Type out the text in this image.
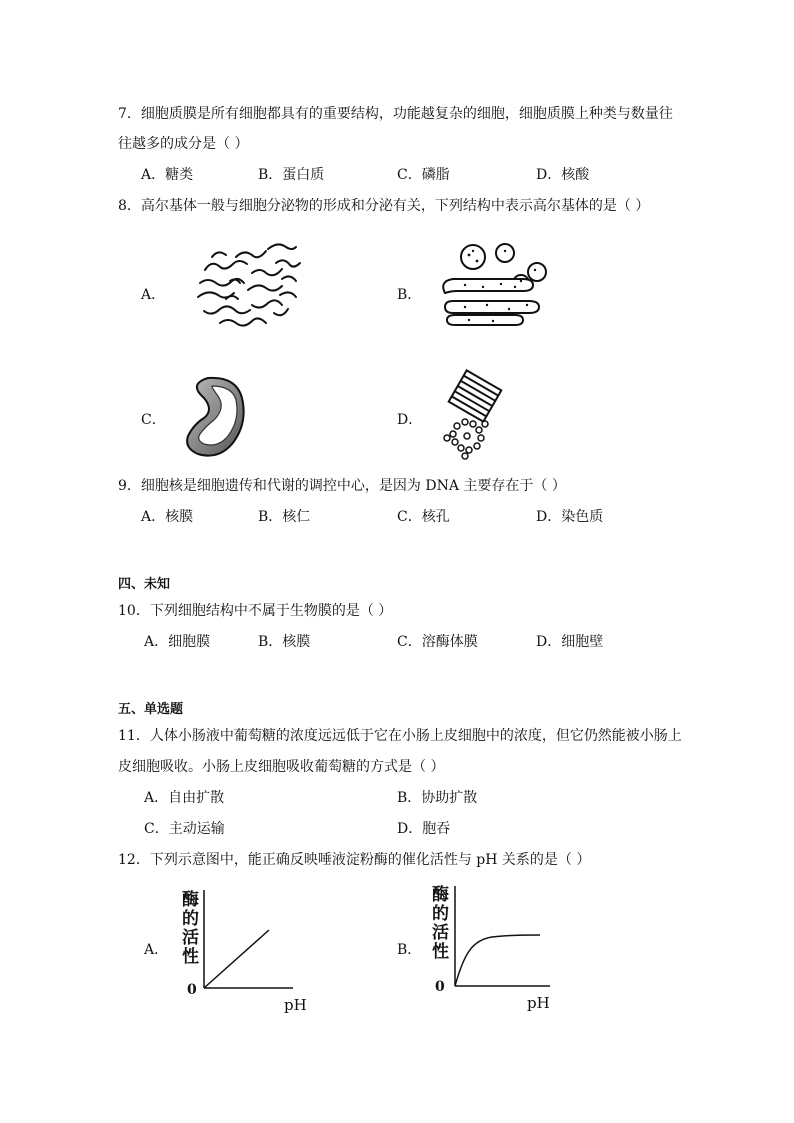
7．细胞质膜是所有细胞都具有的重要结构，功能越复杂的细胞，细胞质膜上种类与数量往
往越多的成分是（ ）
A．糖类	B．蛋白质	C．磷脂	D．核酸
8．高尔基体一般与细胞分泌物的形成和分泌有关，下列结构中表示高尔基体的是（ ）
A．	B．
C．	D．
9．细胞核是细胞遗传和代谢的调控中心，是因为 DNA 主要存在于（ ）
A．核膜	B．核仁	C．核孔	D．染色质
四、未知
10．下列细胞结构中不属于生物膜的是（ ）
A．细胞膜	B．核膜	C．溶酶体膜	D．细胞壁
五、单选题
11．人体小肠液中葡萄糖的浓度远远低于它在小肠上皮细胞中的浓度，但它仍然能被小肠上
皮细胞吸收。小肠上皮细胞吸收葡萄糖的方式是（ ）
A．自由扩散	B．协助扩散
C．主动运输	D．胞吞
12．下列示意图中，能正确反映唾液淀粉酶的催化活性与 pH 关系的是（ ）
A．	B．
酶
的
活
性
0
pH
酶
的
活
性
0
pH
